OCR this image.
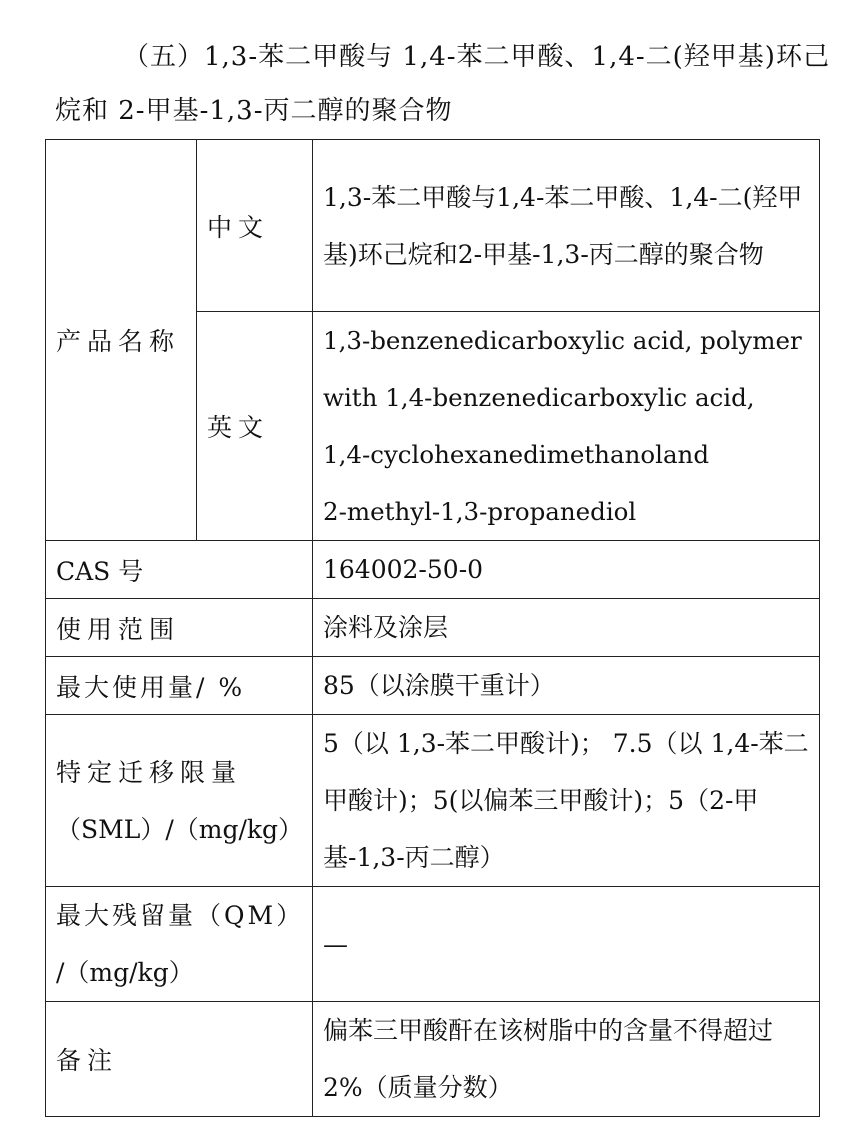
（五）1,3-苯二甲酸与 1,4-苯二甲酸、1,4-二(羟甲基)环己
烷和 2-甲基-1,3-丙二醇的聚合物
产品名称	中文	1,3-苯二甲酸与1,4-苯二甲酸、1,4-二(羟甲基)环己烷和2-甲基-1,3-丙二醇的聚合物
	英文	1,3-benzenedicarboxylic acid, polymer
with 1,4-benzenedicarboxylic acid,
1,4-cyclohexanedimethanoland
2-methyl-1,3-propanediol

CAS 号		164002-50-0
使用范围		涂料及涂层
最大使用量/ %		85（以涂膜干重计）

特定迁移限量
（SML）/（mg/kg）		5（以 1,3-苯二甲酸计)； 7.5（以 1,4-苯二甲酸计)；5(以偏苯三甲酸计)；5（2-甲基-1,3-丙二醇）

最大残留量（QM）
/（mg/kg）		—
备注		偏苯三甲酸酐在该树脂中的含量不得超过 2%（质量分数）
